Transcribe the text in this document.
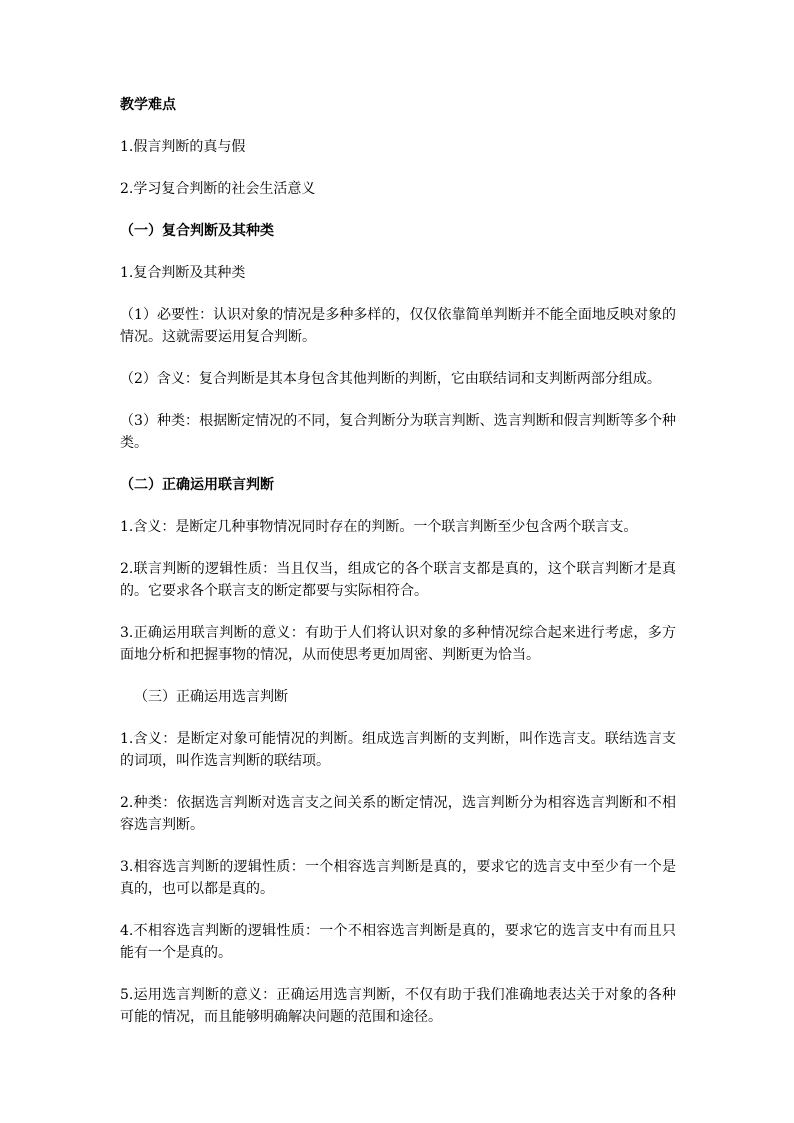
教学难点

1.假言判断的真与假

2.学习复合判断的社会生活意义

（一）复合判断及其种类

1.复合判断及其种类

（1）必要性：认识对象的情况是多种多样的，仅仅依靠简单判断并不能全面地反映对象的情况。这就需要运用复合判断。

（2）含义：复合判断是其本身包含其他判断的判断，它由联结词和支判断两部分组成。

（3）种类：根据断定情况的不同，复合判断分为联言判断、选言判断和假言判断等多个种类。

（二）正确运用联言判断

1.含义：是断定几种事物情况同时存在的判断。一个联言判断至少包含两个联言支。

2.联言判断的逻辑性质：当且仅当，组成它的各个联言支都是真的，这个联言判断才是真的。它要求各个联言支的断定都要与实际相符合。

3.正确运用联言判断的意义：有助于人们将认识对象的多种情况综合起来进行考虑，多方面地分析和把握事物的情况，从而使思考更加周密、判断更为恰当。

（三）正确运用选言判断

1.含义：是断定对象可能情况的判断。组成选言判断的支判断，叫作选言支。联结选言支的词项，叫作选言判断的联结项。

2.种类：依据选言判断对选言支之间关系的断定情况，选言判断分为相容选言判断和不相容选言判断。

3.相容选言判断的逻辑性质：一个相容选言判断是真的，要求它的选言支中至少有一个是真的，也可以都是真的。

4.不相容选言判断的逻辑性质：一个不相容选言判断是真的，要求它的选言支中有而且只能有一个是真的。

5.运用选言判断的意义：正确运用选言判断，不仅有助于我们准确地表达关于对象的各种可能的情况，而且能够明确解决问题的范围和途径。
